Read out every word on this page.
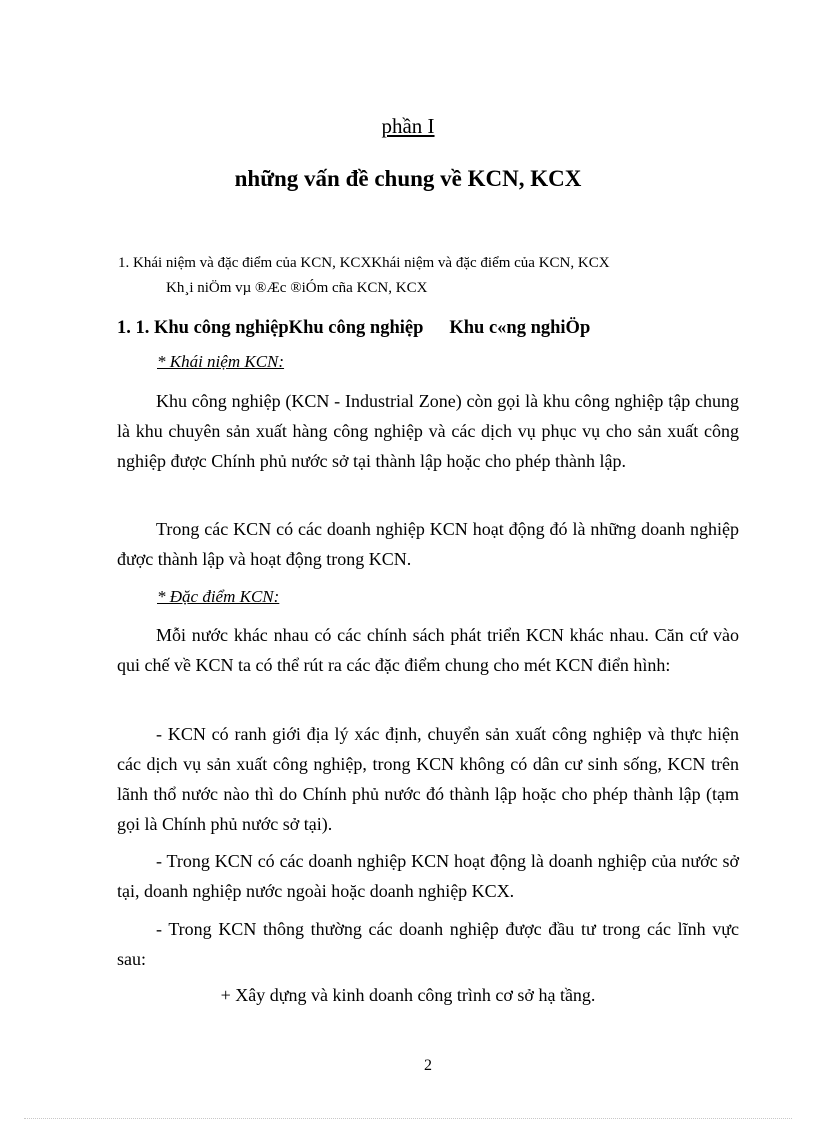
phần I
những vấn đề chung về KCN, KCX
1. Khái niệm và đặc điểm của KCN, KCXKhái niệm và đặc điểm của KCN, KCX
Kh¸i niÖm vµ ®Æc ®iÓm cña KCN, KCX
1. 1. Khu công nghiệpKhu công nghiệp Khu c«ng nghiÖp
* Khái niệm KCN:

Khu công nghiệp (KCN - Industrial Zone) còn gọi là khu công nghiệp tập chung là khu chuyên sản xuất hàng công nghiệp và các dịch vụ phục vụ cho sản xuất công nghiệp được Chính phủ nước sở tại thành lập hoặc cho phép thành lập.

Trong các KCN có các doanh nghiệp KCN hoạt động đó là những doanh nghiệp được thành lập và hoạt động trong KCN.

* Đặc điểm KCN:

Mỗi nước khác nhau có các chính sách phát triển KCN khác nhau. Căn cứ vào qui chế về KCN ta có thể rút ra các đặc điểm chung cho mét KCN điển hình:

- KCN có ranh giới địa lý xác định, chuyển sản xuất công nghiệp và thực hiện các dịch vụ sản xuất công nghiệp, trong KCN không có dân cư sinh sống, KCN trên lãnh thổ nước nào thì do Chính phủ nước đó thành lập hoặc cho phép thành lập (tạm gọi là Chính phủ nước sở tại).

- Trong KCN có các doanh nghiệp KCN hoạt động là doanh nghiệp của nước sở tại, doanh nghiệp nước ngoài hoặc doanh nghiệp KCX.

- Trong KCN thông thường các doanh nghiệp được đầu tư trong các lĩnh vực sau:

+ Xây dựng và kinh doanh công trình cơ sở hạ tầng.
2
